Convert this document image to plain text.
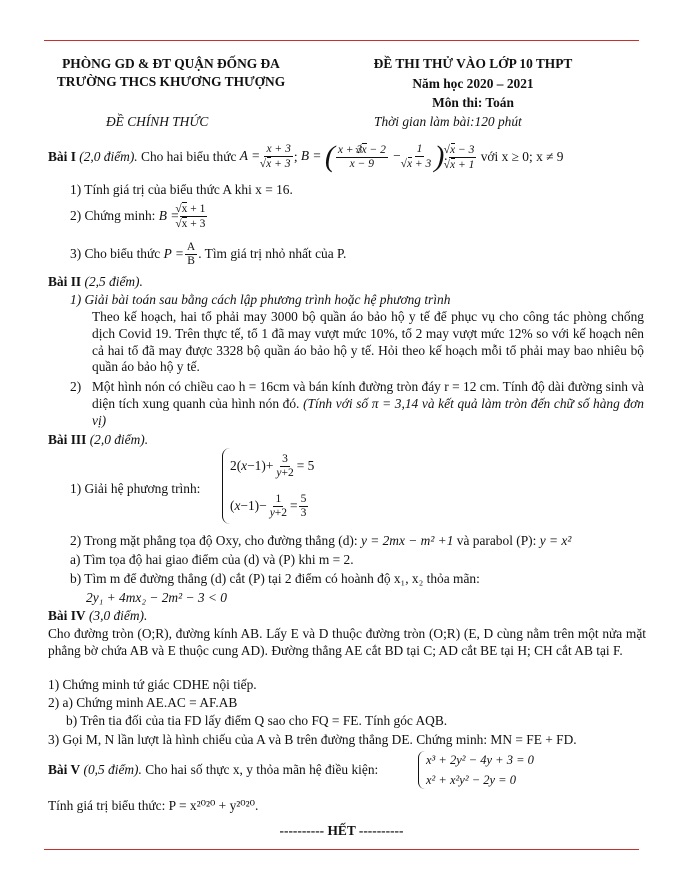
PHÒNG GD & ĐT QUẬN ĐỐNG ĐA
TRƯỜNG THCS KHƯƠNG THƯỢNG
ĐỀ CHÍNH THỨC
ĐỀ THI THỬ VÀO LỚP 10 THPT
Năm học 2020 – 2021
Môn thi: Toán
Thời gian làm bài:120 phút
Bài I
(2,0 điểm).
Cho hai biểu thức
A = x + 3
√ x + 3 ; B = ( $\frac{x + 3√ x - 2}{x - 9} - 1$
√ x + 3 ). √ x − 3
√ x + 1
với x ≥ 0; x ≠ 9
1) Tính giá trị của biểu thức A khi x = 16.
2) Chứng minh:
B = √ x + 1
√ x + 3
3) Cho biểu thức
$P = \frac{A}{B}$ . Tìm giá trị nhỏ nhất của P.
Bài II (2,5 điểm).
1) Giải bài toán sau bằng cách lập phương trình hoặc hệ phương trình
Theo kế hoạch, hai tổ phải may 3000 bộ quần áo bảo hộ y tế để phục vụ cho công tác phòng chống dịch Covid 19. Trên thực tế, tổ 1 đã may vượt mức 10%, tổ 2 may vượt mức 12% so với kế hoạch nên cả hai tổ đã may được 3328 bộ quần áo bảo hộ y tế. Hỏi theo kế hoạch mỗi tổ phải may bao nhiêu bộ quần áo bảo hộ y tế.
2) Một hình nón có chiều cao h = 16cm và bán kính đường tròn đáy r = 12 cm. Tính độ dài đường sinh và diện tích xung quanh của hình nón đó. (Tính với số π = 3,14 và kết quả làm tròn đến chữ số hàng đơn vị)
Bài III (2,0 điểm).
1) Giải hệ phương trình:
2( $x -1)+ \frac{3}{y+2} = 5$
( $x -1)- \frac{1}{y+2} = \frac{5}{3}$
2) Trong mặt phẳng tọa độ Oxy, cho đường thẳng (d): y = 2mx − m² +1 và parabol (P): y = x²
a) Tìm tọa độ hai giao điểm của (d) và (P) khi m = 2.
b) Tìm m để đường thẳng (d) cắt (P) tại 2 điểm có hoành độ x₁, x₂ thỏa mãn:
2y₁ + 4mx₂ − 2m² − 3 < 0
Bài IV (3,0 điểm).
Cho đường tròn (O;R), đường kính AB. Lấy E và D thuộc đường tròn (O;R) (E, D cùng nằm trên một nửa mặt phẳng bờ chứa AB và E thuộc cung AD). Đường thẳng AE cắt BD tại C; AD cắt BE tại H; CH cắt AB tại F.
1) Chứng minh tứ giác CDHE nội tiếp.
2) a) Chứng minh AE.AC = AF.AB
b) Trên tia đối của tia FD lấy điểm Q sao cho FQ = FE. Tính góc AQB.
3) Gọi M, N lần lượt là hình chiếu của A và B trên đường thẳng DE. Chứng minh: MN = FE + FD.
Bài V (0,5 điểm). Cho hai số thực x, y thỏa mãn hệ điều kiện:
x³ + 2y² − 4y + 3 = 0
x² + x²y² − 2y = 0
Tính giá trị biểu thức: P = x²⁰²⁰ + y²⁰²⁰.
---------- HẾT ----------
